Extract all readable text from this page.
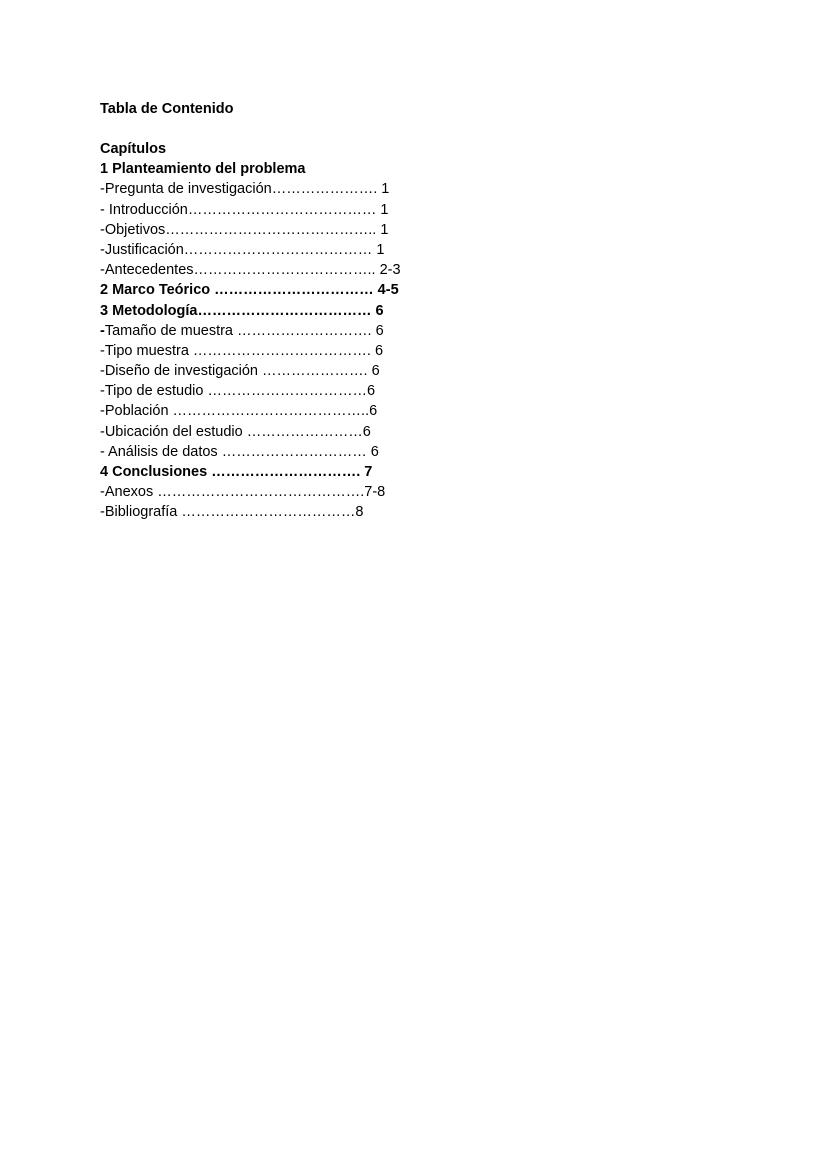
Tabla de Contenido
Capítulos
1 Planteamiento del problema
-Pregunta de investigación…………………. 1
- Introducción………………………………… 1
-Objetivos…………………………………….. 1
-Justificación………………………………… 1
-Antecedentes……………………………….. 2-3
2 Marco Teórico …………………………… 4-5
3 Metodología……………………………… 6
-Tamaño de muestra ………………………. 6
-Tipo muestra ………………………………. 6
-Diseño de investigación …………………. 6
-Tipo de estudio ……………………………6
-Población …………………………………..6
-Ubicación del estudio ……………………6
- Análisis de datos ………………………… 6
4 Conclusiones …………………………. 7
-Anexos …………………………………….7-8
-Bibliografía ………………………………8
